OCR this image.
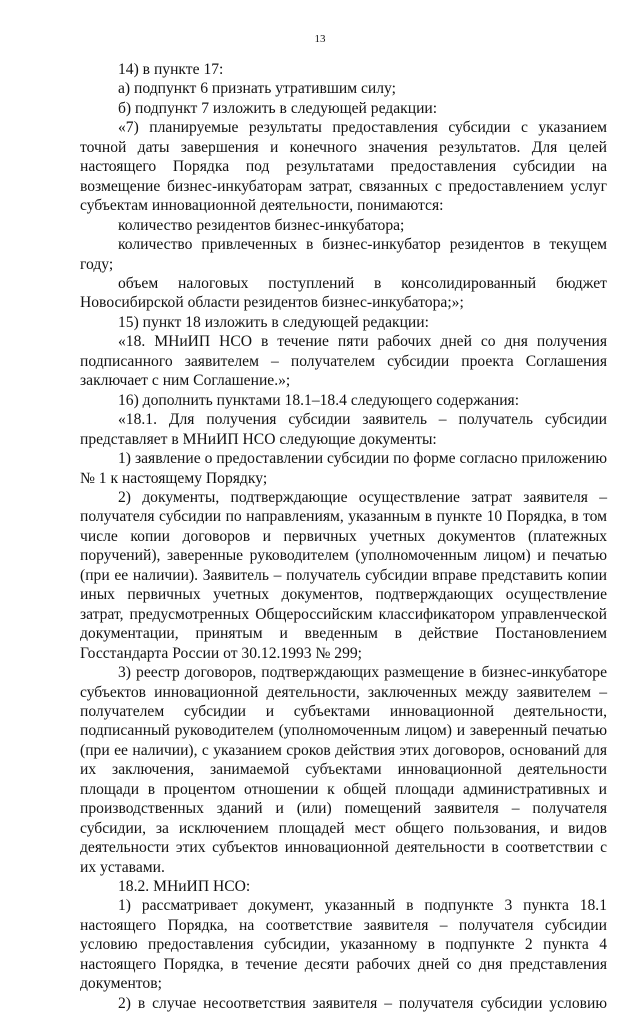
13

14) в пункте 17:

а) подпункт 6 признать утратившим силу;

б) подпункт 7 изложить в следующей редакции:

«7) планируемые результаты предоставления субсидии с указанием точной даты завершения и конечного значения результатов. Для целей настоящего Порядка под результатами предоставления субсидии на возмещение бизнес-инкубаторам затрат, связанных с предоставлением услуг субъектам инновационной деятельности, понимаются:

количество резидентов бизнес-инкубатора;

количество привлеченных в бизнес-инкубатор резидентов в текущем году;

объем налоговых поступлений в консолидированный бюджет Новосибирской области резидентов бизнес-инкубатора;»;

15) пункт 18 изложить в следующей редакции:

«18. МНиИП НСО в течение пяти рабочих дней со дня получения подписанного заявителем – получателем субсидии проекта Соглашения заключает с ним Соглашение.»;

16) дополнить пунктами 18.1–18.4 следующего содержания:

«18.1. Для получения субсидии заявитель – получатель субсидии представляет в МНиИП НСО следующие документы:

1) заявление о предоставлении субсидии по форме согласно приложению № 1 к настоящему Порядку;

2) документы, подтверждающие осуществление затрат заявителя – получателя субсидии по направлениям, указанным в пункте 10 Порядка, в том числе копии договоров и первичных учетных документов (платежных поручений), заверенные руководителем (уполномоченным лицом) и печатью (при ее наличии). Заявитель – получатель субсидии вправе представить копии иных первичных учетных документов, подтверждающих осуществление затрат, предусмотренных Общероссийским классификатором управленческой документации, принятым и введенным в действие Постановлением Госстандарта России от 30.12.1993 № 299;

3) реестр договоров, подтверждающих размещение в бизнес-инкубаторе субъектов инновационной деятельности, заключенных между заявителем – получателем субсидии и субъектами инновационной деятельности, подписанный руководителем (уполномоченным лицом) и заверенный печатью (при ее наличии), с указанием сроков действия этих договоров, оснований для их заключения, занимаемой субъектами инновационной деятельности площади в процентом отношении к общей площади административных и производственных зданий и (или) помещений заявителя – получателя субсидии, за исключением площадей мест общего пользования, и видов деятельности этих субъектов инновационной деятельности в соответствии с их уставами.

18.2. МНиИП НСО:

1) рассматривает документ, указанный в подпункте 3 пункта 18.1 настоящего Порядка, на соответствие заявителя – получателя субсидии условию предоставления субсидии, указанному в подпункте 2 пункта 4 настоящего Порядка, в течение десяти рабочих дней со дня представления документов;

2) в случае несоответствия заявителя – получателя субсидии условию
